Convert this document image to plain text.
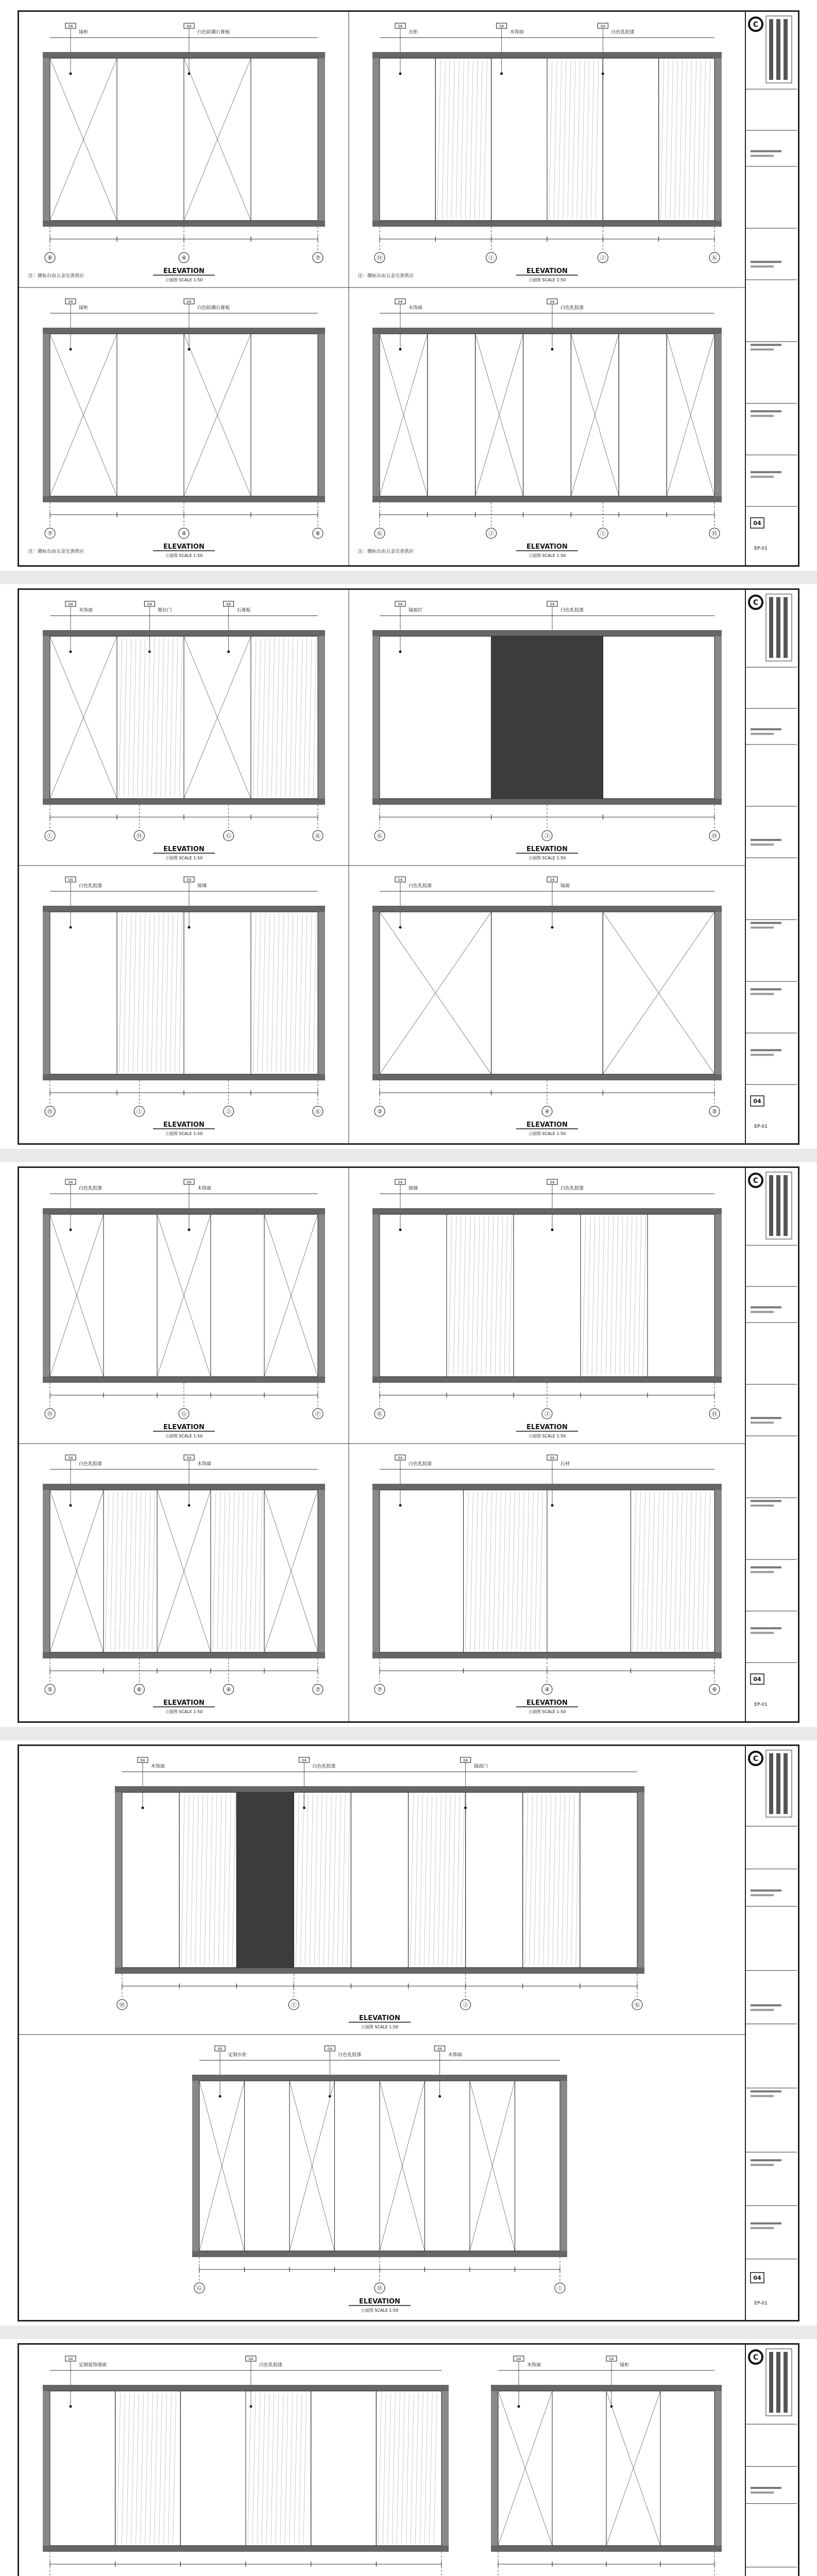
C
04
EP-01
04
镜柜
04
白色防潮石膏板
⑥	④	⑦
ELEVATION
立面图 SCALE 1:50
注：微标台由五金完善供应
04
衣柜
04
木饰面
04
白色乳胶漆
Ⓗ	Ⓘ	Ⓙ	Ⓚ
ELEVATION
立面图 SCALE 1:50
注：微标台由五金完善供应
04
镜柜
04
白色防潮石膏板
⑦	④	⑥
ELEVATION
立面图 SCALE 1:50
注：微标台由五金完善供应
04
木饰面
04
白色乳胶漆
Ⓚ	Ⓙ	Ⓘ	Ⓗ
ELEVATION
立面图 SCALE 1:50
注：微标台由五金完善供应
C
04
EP-01
04
木饰面
04
推拉门
04
石膏板
Ⓛ	Ⓗ	Ⓖ	Ⓚ
ELEVATION
立面图 SCALE 1:50
04
镜面灯
04
白色乳胶漆
Ⓚ	Ⓙ	Ⓗ
ELEVATION
立面图 SCALE 1:50
04
白色乳胶漆
04
玻璃
Ⓗ	Ⓘ	Ⓙ	Ⓚ
ELEVATION
立面图 SCALE 1:50
04
白色乳胶漆
04
镜面
③	④	⑤
ELEVATION
立面图 SCALE 1:50
C
04
EP-01
04
白色乳胶漆
04
木饰面
Ⓗ	Ⓖ	Ⓕ
ELEVATION
立面图 SCALE 1:50
04
玻璃
04
白色乳胶漆
Ⓚ	Ⓙ	Ⓗ
ELEVATION
立面图 SCALE 1:50
04
白色乳胶漆
04
木饰面
⑤	⑥	④	⑦
ELEVATION
立面图 SCALE 1:50
04
白色乳胶漆
04
石材
⑦	④	⑥
ELEVATION
立面图 SCALE 1:50
C
04
EP-01
04
木饰面
04
白色乳胶漆
04
镜面门
Ⓗ	Ⓘ	Ⓙ	Ⓚ
ELEVATION
立面图 SCALE 1:50
04
定制衣柜
04
白色乳胶漆
04
木饰面
Ⓖ	Ⓗ	Ⓘ
ELEVATION
立面图 SCALE 1:50
C
04
定制装饰墙面
04
白色乳胶漆
04
木饰面
04
镜柜
